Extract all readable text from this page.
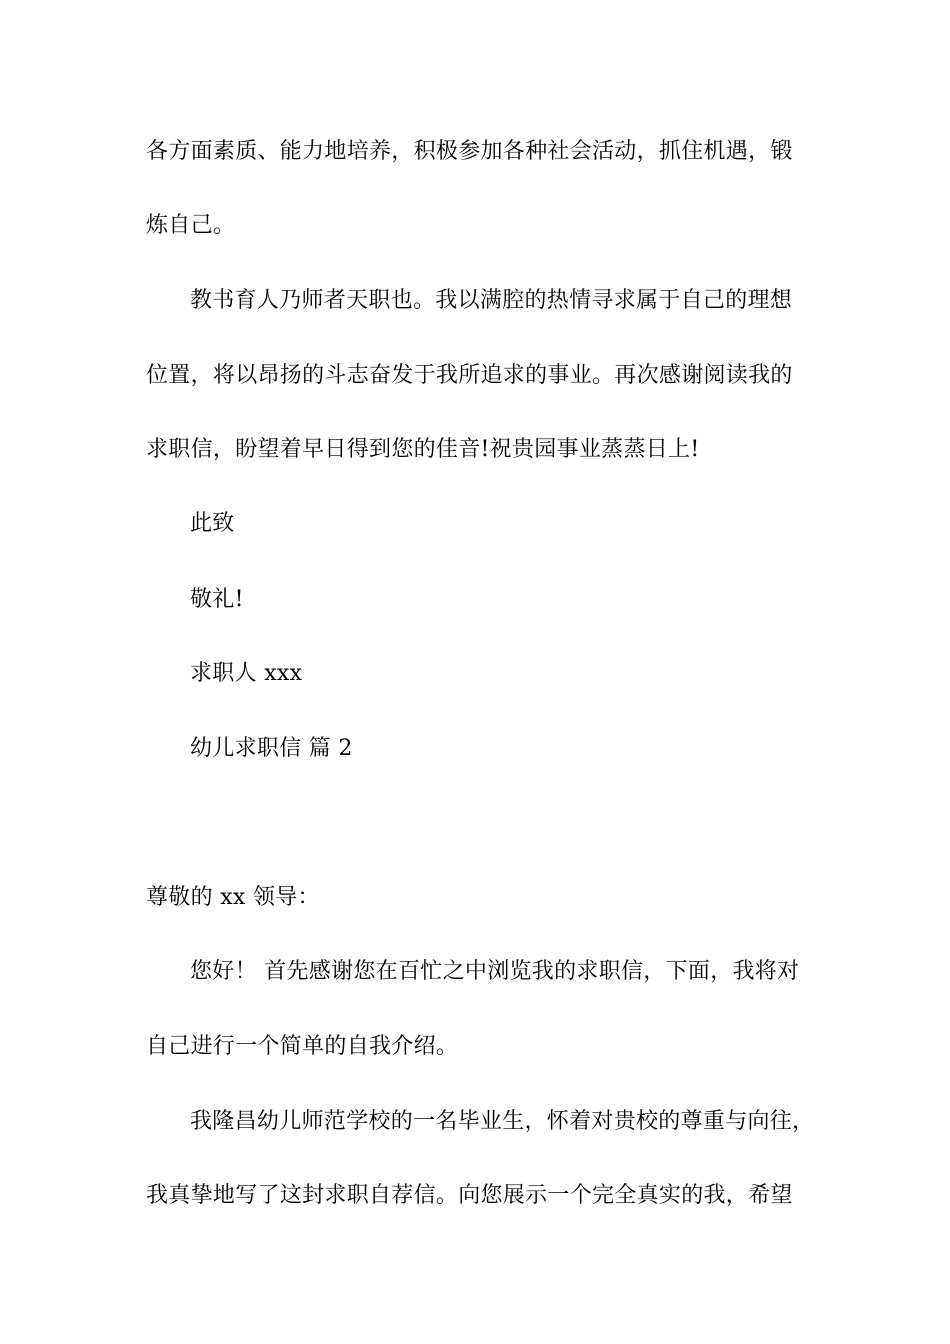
各方面素质、能力地培养，积极参加各种社会活动，抓住机遇，锻
炼自己。
教书育人乃师者天职也。我以满腔的热情寻求属于自己的理想
位置，将以昂扬的斗志奋发于我所追求的事业。再次感谢阅读我的
求职信，盼望着早日得到您的佳音!祝贵园事业蒸蒸日上!
此致
敬礼!
求职人 xxx
幼儿求职信 篇 2
尊敬的 xx 领导：
您好！ 首先感谢您在百忙之中浏览我的求职信，下面，我将对
自己进行一个简单的自我介绍。
我隆昌幼儿师范学校的一名毕业生，怀着对贵校的尊重与向往，
我真挚地写了这封求职自荐信。向您展示一个完全真实的我，希望
